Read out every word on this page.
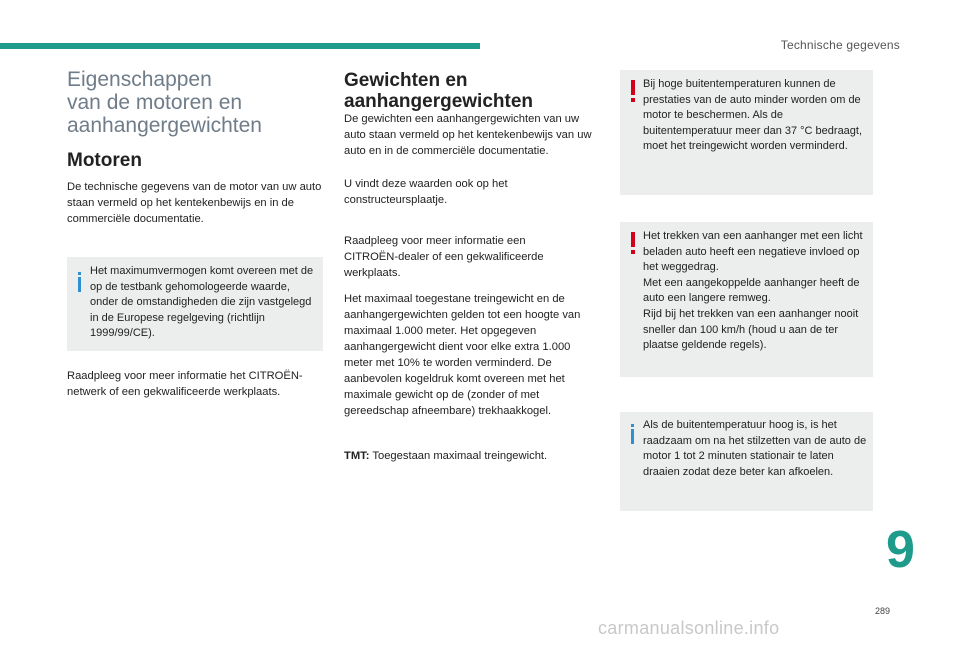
Technische gegevens
Eigenschappen
van de motoren en
aanhangergewichten
Motoren

De technische gegevens van de motor van uw auto staan vermeld op het kentekenbewijs en in de commerciële documentatie.

Het maximumvermogen komt overeen met de op de testbank gehomologeerde waarde, onder de omstandigheden die zijn vastgelegd in de Europese regelgeving (richtlijn 1999/99/CE).

Raadpleeg voor meer informatie het CITROËN-netwerk of een gekwalificeerde werkplaats.

Gewichten en
aanhangergewichten

De gewichten een aanhangergewichten van uw auto staan vermeld op het kentekenbewijs van uw auto en in de commerciële documentatie.

U vindt deze waarden ook op het constructeursplaatje.

Raadpleeg voor meer informatie een CITROËN-dealer of een gekwalificeerde werkplaats.

Het maximaal toegestane treingewicht en de aanhangergewichten gelden tot een hoogte van maximaal 1.000 meter. Het opgegeven aanhangergewicht dient voor elke extra 1.000 meter met 10% te worden verminderd. De aanbevolen kogeldruk komt overeen met het maximale gewicht op de (zonder of met gereedschap afneembare) trekhaakkogel.

TMT: Toegestaan maximaal treingewicht.

Bij hoge buitentemperaturen kunnen de prestaties van de auto minder worden om de motor te beschermen. Als de buitentemperatuur meer dan 37 °C bedraagt, moet het treingewicht worden verminderd.
Het trekken van een aanhanger met een licht beladen auto heeft een negatieve invloed op het weggedrag.
Met een aangekoppelde aanhanger heeft de auto een langere remweg.
Rijd bij het trekken van een aanhanger nooit sneller dan 100 km/h (houd u aan de ter plaatse geldende regels).
Als de buitentemperatuur hoog is, is het raadzaam om na het stilzetten van de auto de motor 1 tot 2 minuten stationair te laten draaien zodat deze beter kan afkoelen.
9
289
carmanualsonline.info
